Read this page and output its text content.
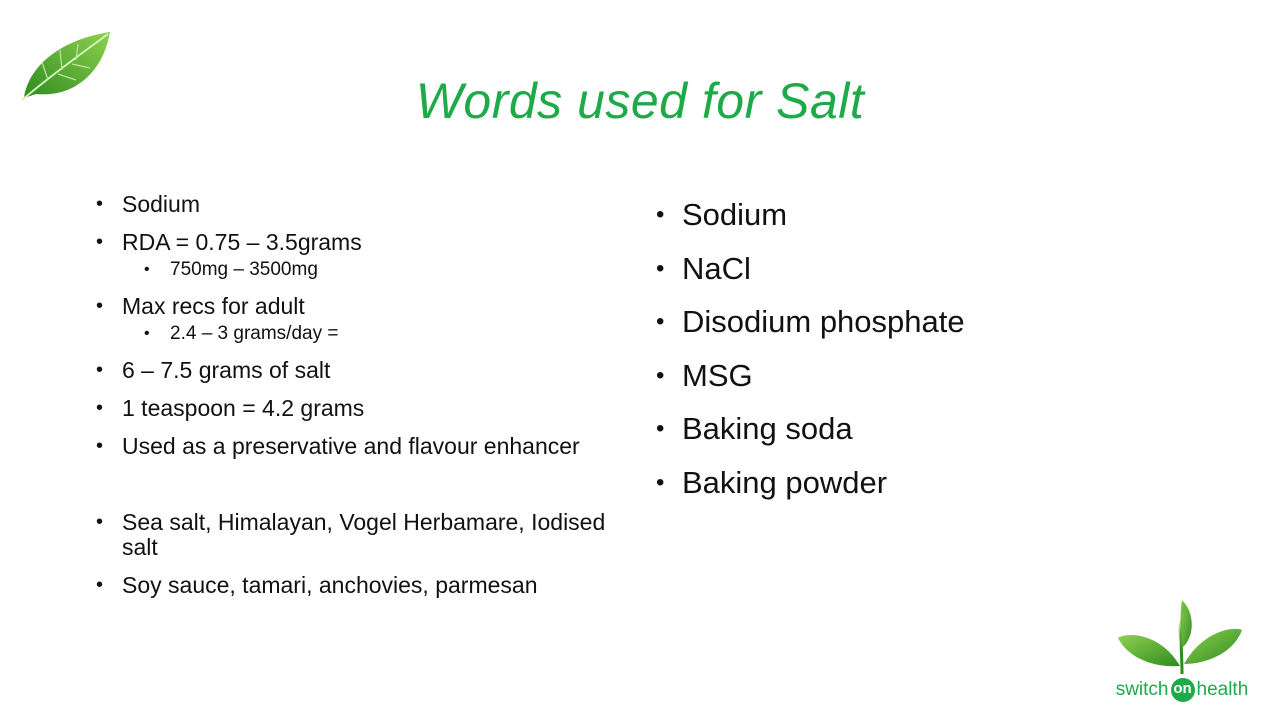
Words used for Salt
• Sodium
• RDA = 0.75 – 3.5grams
• 750mg – 3500mg
• Max recs for adult
• 2.4 – 3 grams/day =
• 6 – 7.5 grams of salt
• 1 teaspoon = 4.2 grams
• Used as a preservative and flavour enhancer
• Sea salt, Himalayan, Vogel Herbamare, Iodised salt
• Soy sauce, tamari, anchovies, parmesan
• Sodium
• NaCl
• Disodium phosphate
• MSG
• Baking soda
• Baking powder
switch on health
